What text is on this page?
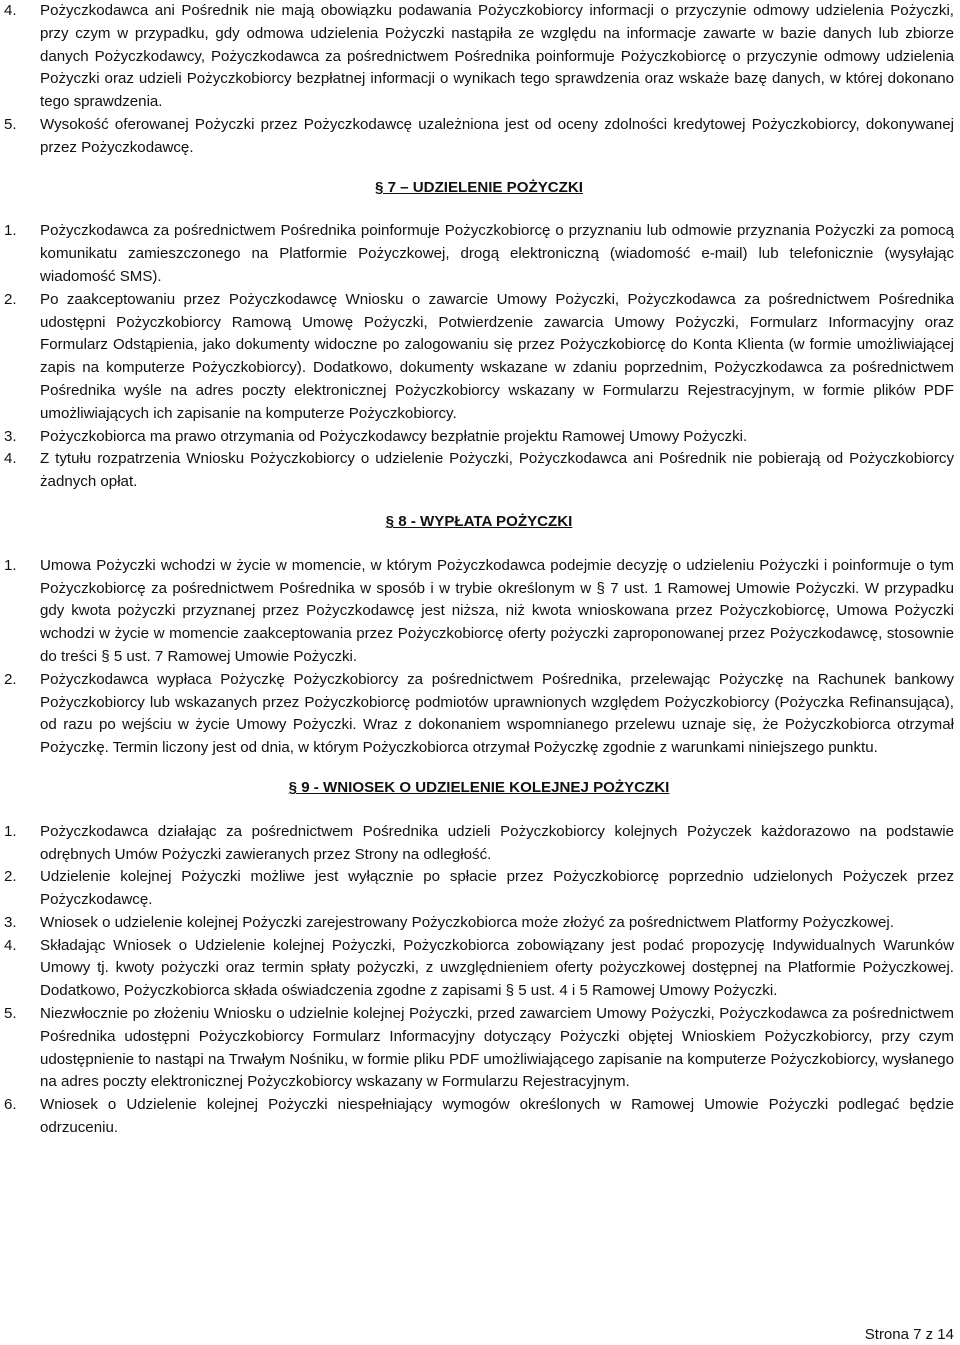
4. Pożyczkodawca ani Pośrednik nie mają obowiązku podawania Pożyczkobiorcy informacji o przyczynie odmowy udzielenia Pożyczki, przy czym w przypadku, gdy odmowa udzielenia Pożyczki nastąpiła ze względu na informacje zawarte w bazie danych lub zbiorze danych Pożyczkodawcy, Pożyczkodawca za pośrednictwem Pośrednika poinformuje Pożyczkobiorcę o przyczynie odmowy udzielenia Pożyczki oraz udzieli Pożyczkobiorcy bezpłatnej informacji o wynikach tego sprawdzenia oraz wskaże bazę danych, w której dokonano tego sprawdzenia.
5. Wysokość oferowanej Pożyczki przez Pożyczkodawcę uzależniona jest od oceny zdolności kredytowej Pożyczkobiorcy, dokonywanej przez Pożyczkodawcę.

§ 7 – UDZIELENIE POŻYCZKI

1. Pożyczkodawca za pośrednictwem Pośrednika poinformuje Pożyczkobiorcę o przyznaniu lub odmowie przyznania Pożyczki za pomocą komunikatu zamieszczonego na Platformie Pożyczkowej, drogą elektroniczną (wiadomość e-mail) lub telefonicznie (wysyłając wiadomość SMS).
2. Po zaakceptowaniu przez Pożyczkodawcę Wniosku o zawarcie Umowy Pożyczki, Pożyczkodawca za pośrednictwem Pośrednika udostępni Pożyczkobiorcy Ramową Umowę Pożyczki, Potwierdzenie zawarcia Umowy Pożyczki, Formularz Informacyjny oraz Formularz Odstąpienia, jako dokumenty widoczne po zalogowaniu się przez Pożyczkobiorcę do Konta Klienta (w formie umożliwiającej zapis na komputerze Pożyczkobiorcy). Dodatkowo, dokumenty wskazane w zdaniu poprzednim, Pożyczkodawca za pośrednictwem Pośrednika wyśle na adres poczty elektronicznej Pożyczkobiorcy wskazany w Formularzu Rejestracyjnym, w formie plików PDF umożliwiających ich zapisanie na komputerze Pożyczkobiorcy.
3. Pożyczkobiorca ma prawo otrzymania od Pożyczkodawcy bezpłatnie projektu Ramowej Umowy Pożyczki.
4. Z tytułu rozpatrzenia Wniosku Pożyczkobiorcy o udzielenie Pożyczki, Pożyczkodawca ani Pośrednik nie pobierają od Pożyczkobiorcy żadnych opłat.

§ 8 - WYPŁATA POŻYCZKI

1. Umowa Pożyczki wchodzi w życie w momencie, w którym Pożyczkodawca podejmie decyzję o udzieleniu Pożyczki i poinformuje o tym Pożyczkobiorcę za pośrednictwem Pośrednika w sposób i w trybie określonym w § 7 ust. 1 Ramowej Umowie Pożyczki. W przypadku gdy kwota pożyczki przyznanej przez Pożyczkodawcę jest niższa, niż kwota wnioskowana przez Pożyczkobiorcę, Umowa Pożyczki wchodzi w życie w momencie zaakceptowania przez Pożyczkobiorcę oferty pożyczki zaproponowanej przez Pożyczkodawcę, stosownie do treści § 5 ust. 7 Ramowej Umowie Pożyczki.
2. Pożyczkodawca wypłaca Pożyczkę Pożyczkobiorcy za pośrednictwem Pośrednika, przelewając Pożyczkę na Rachunek bankowy Pożyczkobiorcy lub wskazanych przez Pożyczkobiorcę podmiotów uprawnionych względem Pożyczkobiorcy (Pożyczka Refinansująca), od razu po wejściu w życie Umowy Pożyczki. Wraz z dokonaniem wspomnianego przelewu uznaje się, że Pożyczkobiorca otrzymał Pożyczkę. Termin liczony jest od dnia, w którym Pożyczkobiorca otrzymał Pożyczkę zgodnie z warunkami niniejszego punktu.

§ 9 - WNIOSEK O UDZIELENIE KOLEJNEJ POŻYCZKI

1. Pożyczkodawca działając za pośrednictwem Pośrednika udzieli Pożyczkobiorcy kolejnych Pożyczek każdorazowo na podstawie odrębnych Umów Pożyczki zawieranych przez Strony na odległość.
2. Udzielenie kolejnej Pożyczki możliwe jest wyłącznie po spłacie przez Pożyczkobiorcę poprzednio udzielonych Pożyczek przez Pożyczkodawcę.
3. Wniosek o udzielenie kolejnej Pożyczki zarejestrowany Pożyczkobiorca może złożyć za pośrednictwem Platformy Pożyczkowej.
4. Składając Wniosek o Udzielenie kolejnej Pożyczki, Pożyczkobiorca zobowiązany jest podać propozycję Indywidualnych Warunków Umowy tj. kwoty pożyczki oraz termin spłaty pożyczki, z uwzględnieniem oferty pożyczkowej dostępnej na Platformie Pożyczkowej. Dodatkowo, Pożyczkobiorca składa oświadczenia zgodne z zapisami § 5 ust. 4 i 5 Ramowej Umowy Pożyczki.
5. Niezwłocznie po złożeniu Wniosku o udzielnie kolejnej Pożyczki, przed zawarciem Umowy Pożyczki, Pożyczkodawca za pośrednictwem Pośrednika udostępni Pożyczkobiorcy Formularz Informacyjny dotyczący Pożyczki objętej Wnioskiem Pożyczkobiorcy, przy czym udostępnienie to nastąpi na Trwałym Nośniku, w formie pliku PDF umożliwiającego zapisanie na komputerze Pożyczkobiorcy, wysłanego na adres poczty elektronicznej Pożyczkobiorcy wskazany w Formularzu Rejestracyjnym.
6. Wniosek o Udzielenie kolejnej Pożyczki niespełniający wymogów określonych w Ramowej Umowie Pożyczki podlegać będzie odrzuceniu.
Strona 7 z 14
